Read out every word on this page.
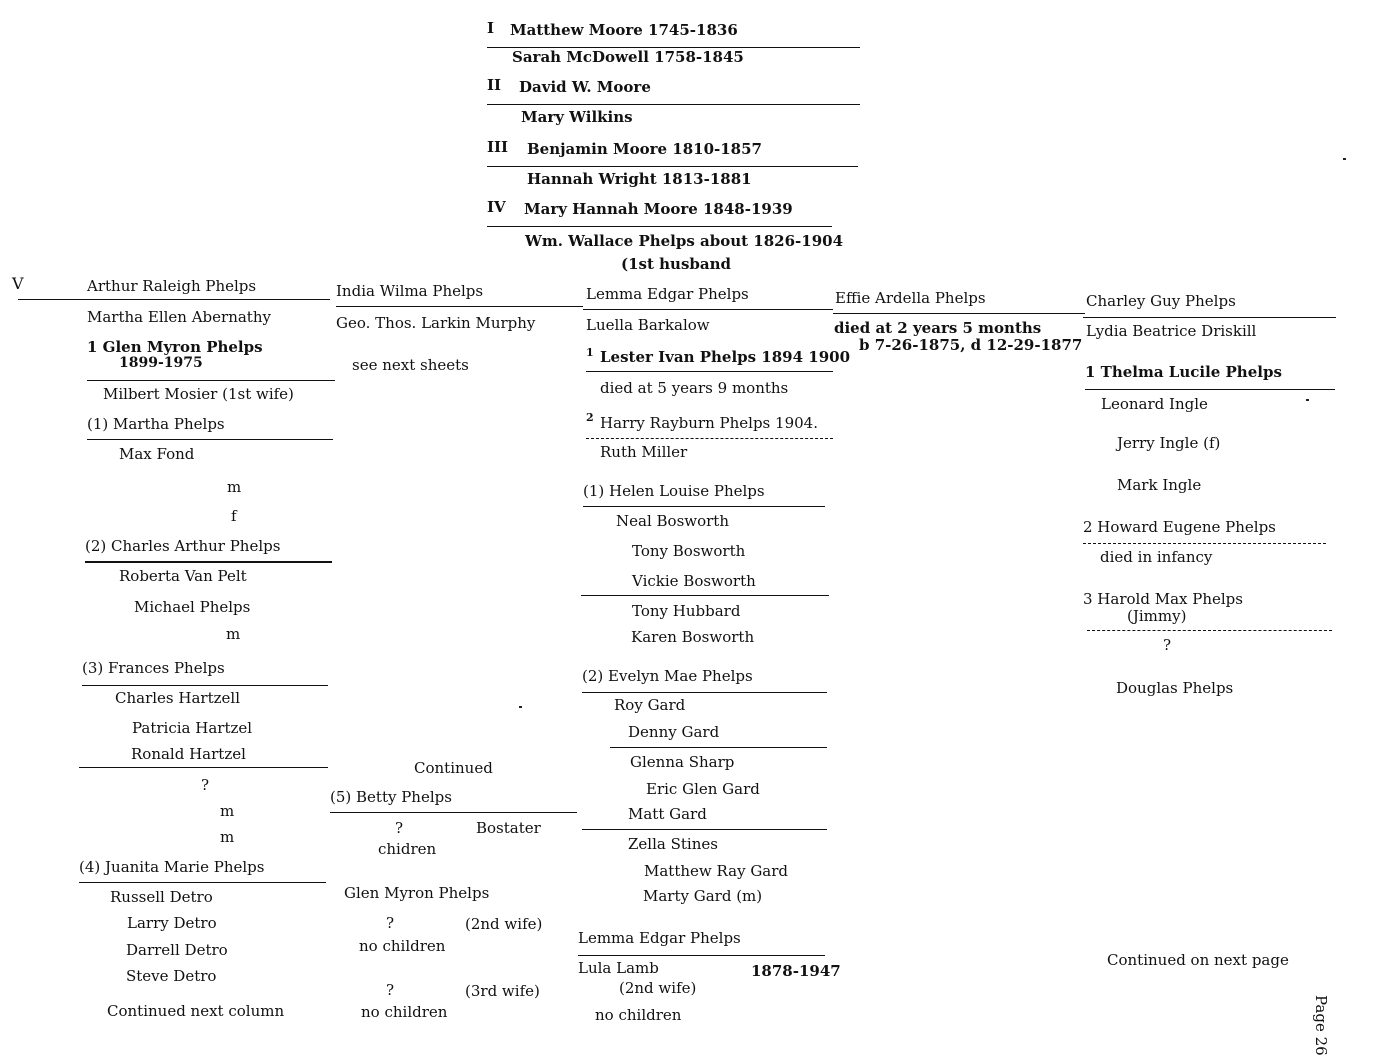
I Matthew Moore 1745-1836
Sarah McDowell 1758-1845
II David W. Moore
Mary Wilkins
III Benjamin Moore 1810-1857
Hannah Wright 1813-1881
IV Mary Hannah Moore 1848-1939
Wm. Wallace Phelps about 1826-1904
(1st husband
V	Arthur Raleigh Phelps
Martha Ellen Abernathy
1 Glen Myron Phelps
1899-1975
Milbert Mosier (1st wife)
(1) Martha Phelps
Max Fond
m
f
(2) Charles Arthur Phelps
Roberta Van Pelt
Michael Phelps
m
(3) Frances Phelps
Charles Hartzell
Patricia Hartzel
Ronald Hartzel
?
m
m
(4) Juanita Marie Phelps
Russell Detro
Larry Detro
Darrell Detro
Steve Detro
Continued next column
India Wilma Phelps
Geo. Thos. Larkin Murphy
see next sheets
Continued
(5) Betty Phelps
?	Bostater
chidren
Glen Myron Phelps
?	(2nd wife)
no children
?	(3rd wife)
no children
Lemma Edgar Phelps
Luella Barkalow
1 Lester Ivan Phelps 1894 1900
died at 5 years 9 months
2 Harry Rayburn Phelps 1904.
Ruth Miller
(1) Helen Louise Phelps
Neal Bosworth
Tony Bosworth
Vickie Bosworth
Tony Hubbard
Karen Bosworth
(2) Evelyn Mae Phelps
Roy Gard
Denny Gard
Glenna Sharp
Eric Glen Gard
Matt Gard
Zella Stines
Matthew Ray Gard
Marty Gard (m)
Lemma Edgar Phelps
Lula Lamb	1878-1947
(2nd wife)
no children
Effie Ardella Phelps
died at 2 years 5 months
b 7-26-1875, d 12-29-1877
Charley Guy Phelps
Lydia Beatrice Driskill
1 Thelma Lucile Phelps
Leonard Ingle
Jerry Ingle (f)
Mark Ingle
2 Howard Eugene Phelps
died in infancy
3 Harold Max Phelps
(Jimmy)
?
Douglas Phelps
Continued on next page
Page 26
